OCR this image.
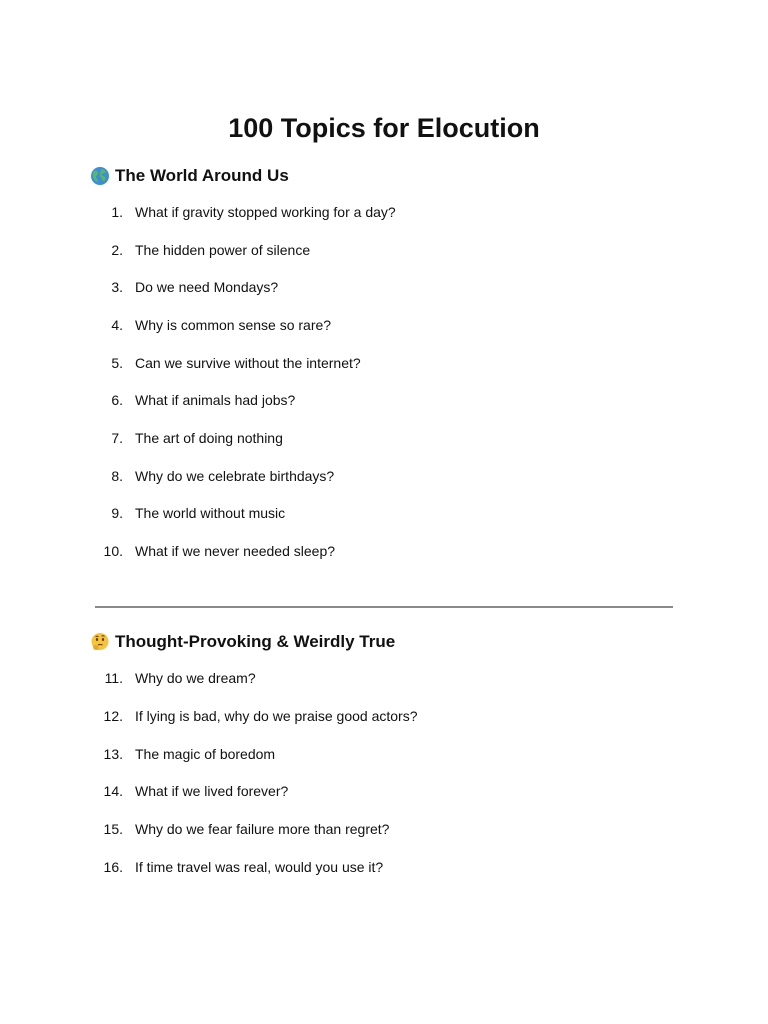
100 Topics for Elocution
The World Around Us
1. What if gravity stopped working for a day?
2. The hidden power of silence
3. Do we need Mondays?
4. Why is common sense so rare?
5. Can we survive without the internet?
6. What if animals had jobs?
7. The art of doing nothing
8. Why do we celebrate birthdays?
9. The world without music
10. What if we never needed sleep?
Thought-Provoking & Weirdly True
11. Why do we dream?
12. If lying is bad, why do we praise good actors?
13. The magic of boredom
14. What if we lived forever?
15. Why do we fear failure more than regret?
16. If time travel was real, would you use it?
